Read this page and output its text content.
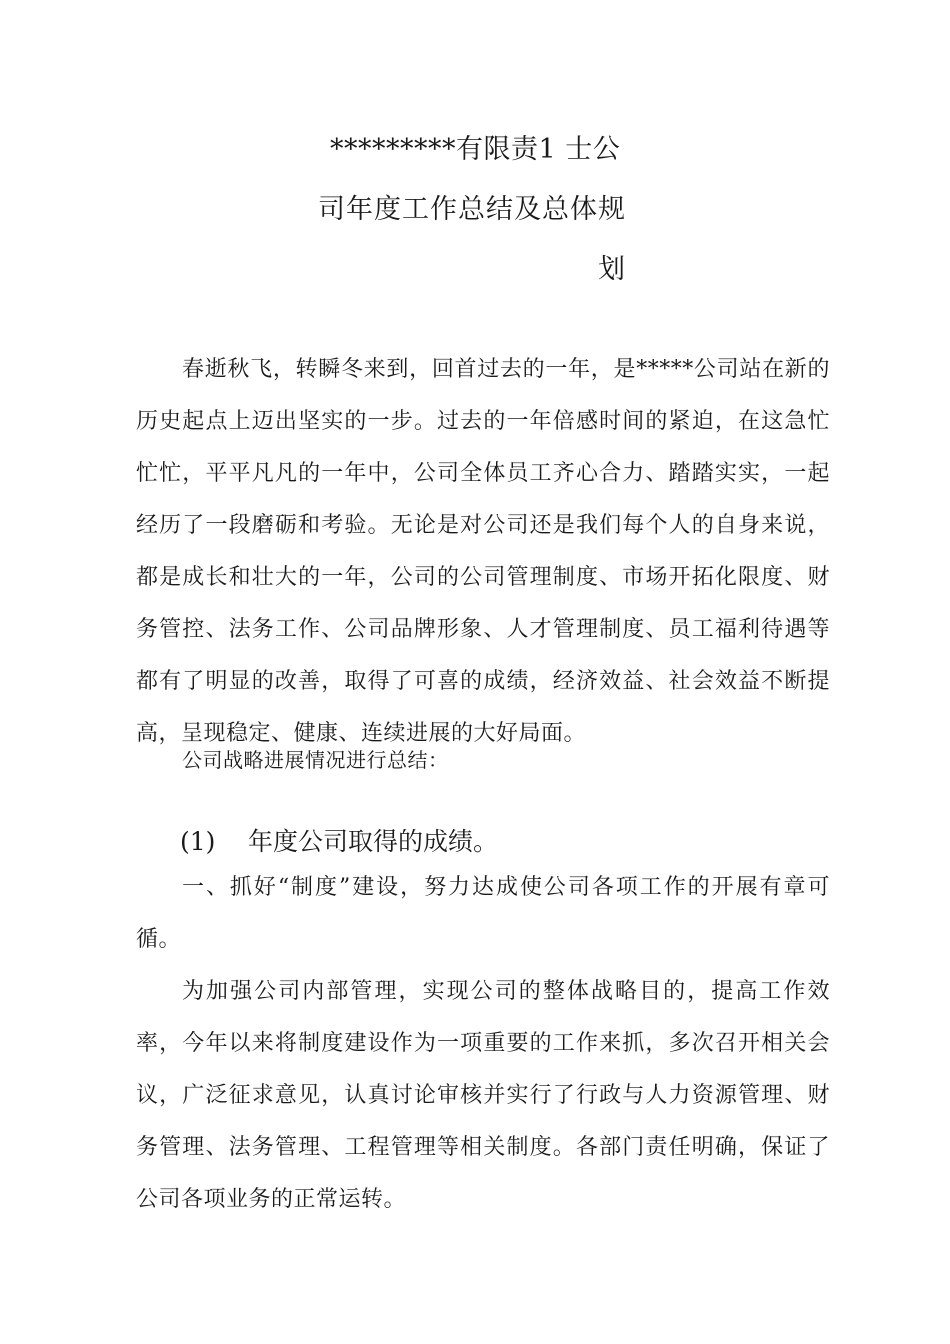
*********有限责1 士公
司年度工作总结及总体规
划
春逝秋飞，转瞬冬来到，回首过去的一年，是*****公司站在新的历史起点上迈出坚实的一步。过去的一年倍感时间的紧迫，在这急忙忙忙，平平凡凡的一年中，公司全体员工齐心合力、踏踏实实，一起经历了一段磨砺和考验。无论是对公司还是我们每个人的自身来说，都是成长和壮大的一年，公司的公司管理制度、市场开拓化限度、财务管控、法务工作、公司品牌形象、人才管理制度、员工福利待遇等都有了明显的改善，取得了可喜的成绩，经济效益、社会效益不断提高，呈现稳定、健康、连续进展的大好局面。
公司战略进展情况进行总结：
(1) 年度公司取得的成绩。
一、抓好“制度”建设，努力达成使公司各项工作的开展有章可循。
为加强公司内部管理，实现公司的整体战略目的，提高工作效率，今年以来将制度建设作为一项重要的工作来抓，多次召开相关会议，广泛征求意见，认真讨论审核并实行了行政与人力资源管理、财务管理、法务管理、工程管理等相关制度。各部门责任明确，保证了公司各项业务的正常运转。
